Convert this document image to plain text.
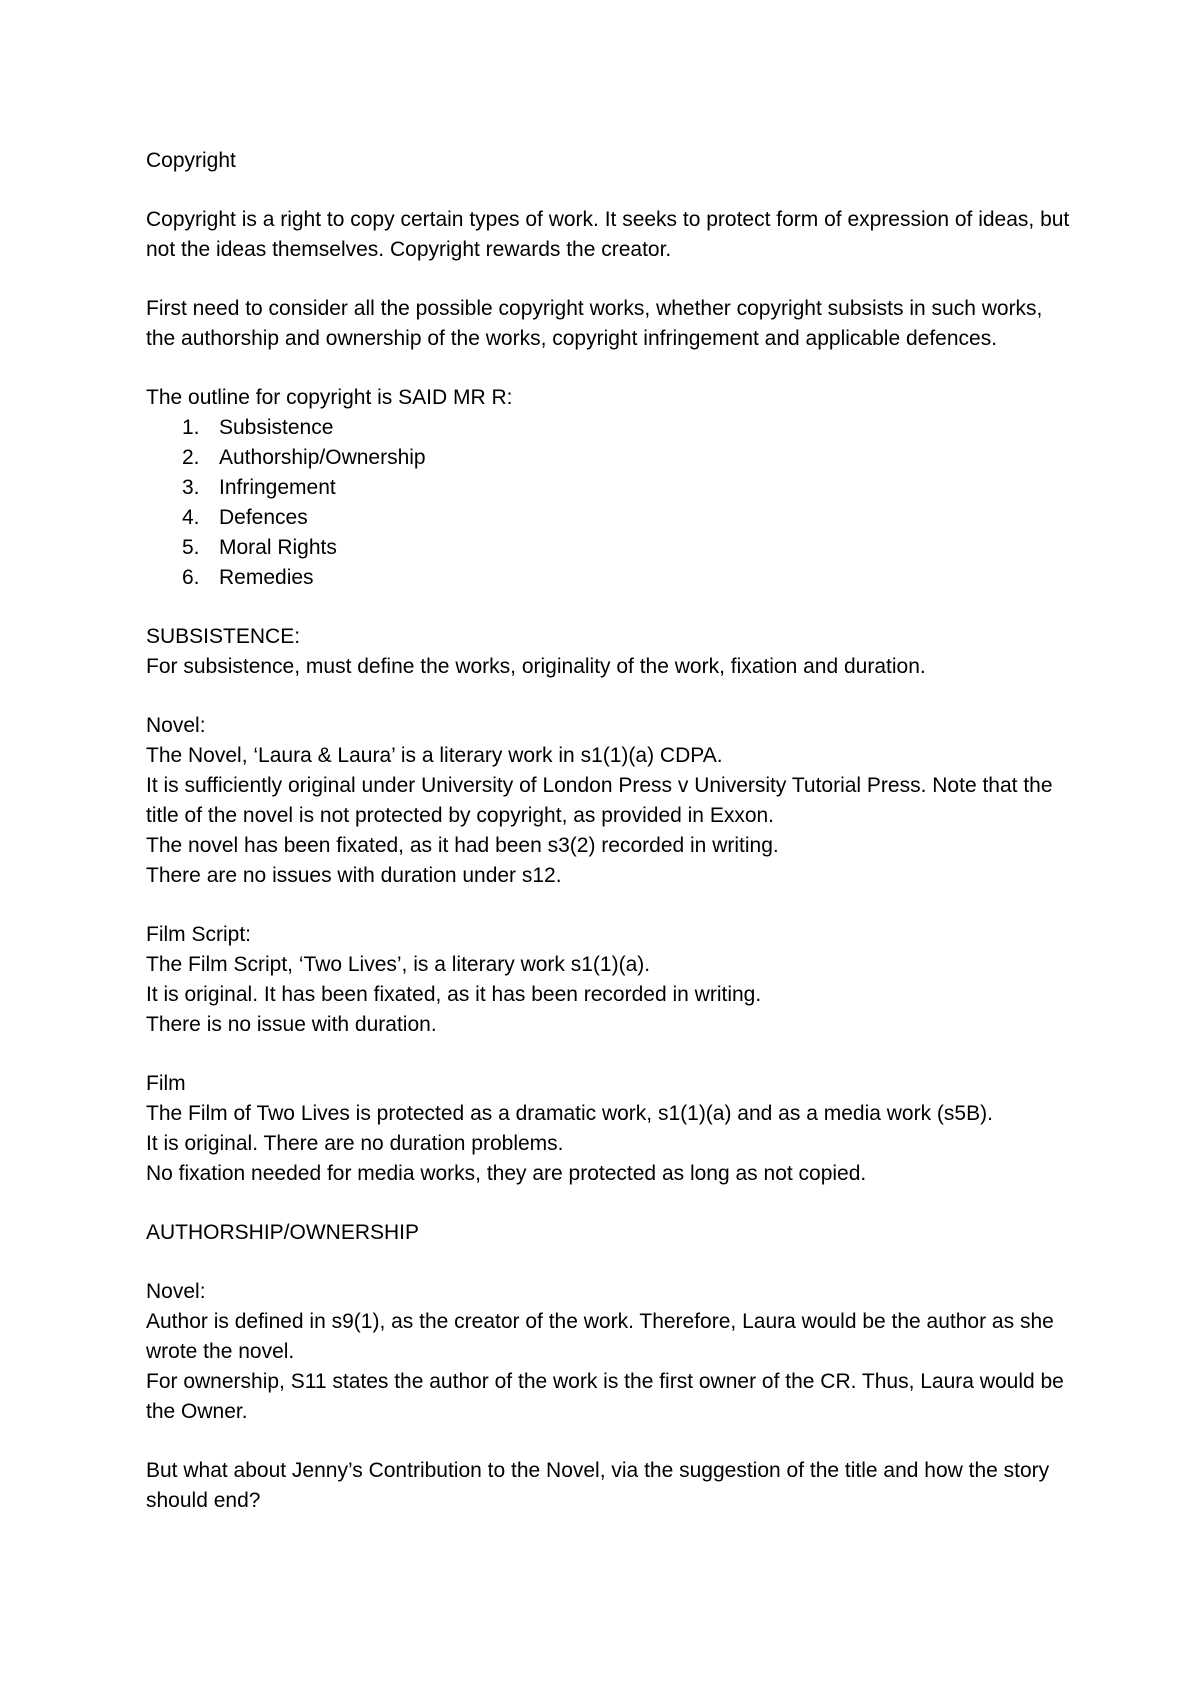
Copyright

Copyright is a right to copy certain types of work. It seeks to protect form of expression of ideas, but not the ideas themselves. Copyright rewards the creator.

First need to consider all the possible copyright works, whether copyright subsists in such works, the authorship and ownership of the works, copyright infringement and applicable defences.

The outline for copyright is SAID MR R:

1. Subsistence
2. Authorship/Ownership
3. Infringement
4. Defences
5. Moral Rights
6. Remedies

SUBSISTENCE:

For subsistence, must define the works, originality of the work, fixation and duration.

Novel:

The Novel, ‘Laura & Laura’ is a literary work in s1(1)(a) CDPA.

It is sufficiently original under University of London Press v University Tutorial Press. Note that the title of the novel is not protected by copyright, as provided in Exxon.

The novel has been fixated, as it had been s3(2) recorded in writing.

There are no issues with duration under s12.

Film Script:

The Film Script, ‘Two Lives’, is a literary work s1(1)(a).

It is original. It has been fixated, as it has been recorded in writing.

There is no issue with duration.

Film

The Film of Two Lives is protected as a dramatic work, s1(1)(a) and as a media work (s5B).

It is original. There are no duration problems.

No fixation needed for media works, they are protected as long as not copied.

AUTHORSHIP/OWNERSHIP

Novel:

Author is defined in s9(1), as the creator of the work. Therefore, Laura would be the author as she wrote the novel.

For ownership, S11 states the author of the work is the first owner of the CR. Thus, Laura would be the Owner.

But what about Jenny’s Contribution to the Novel, via the suggestion of the title and how the story should end?
